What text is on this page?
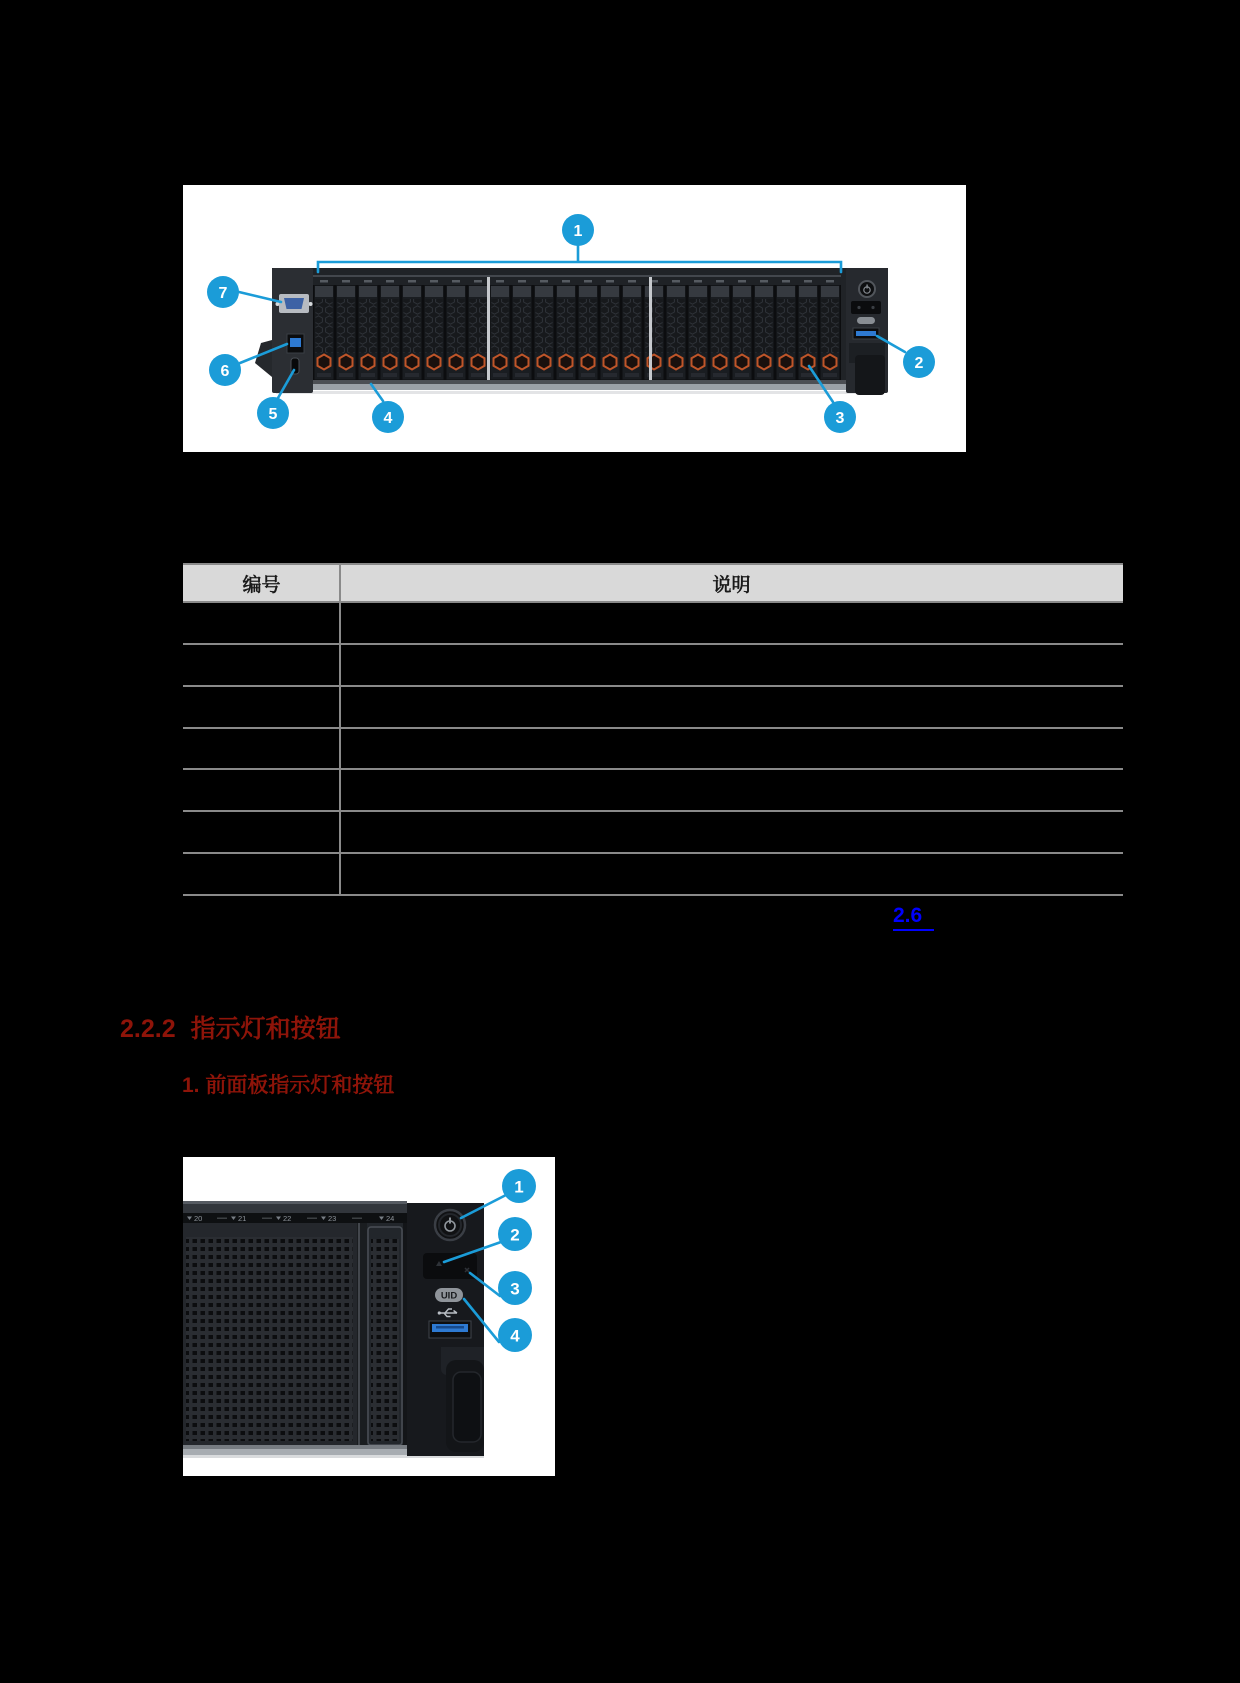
1
2
3
4
5
6
7
编号	说明
2.6
2.2.2 指示灯和按钮
1. 前面板指示灯和按钮
20	21	22	23	24
UID
1
2
3
4
